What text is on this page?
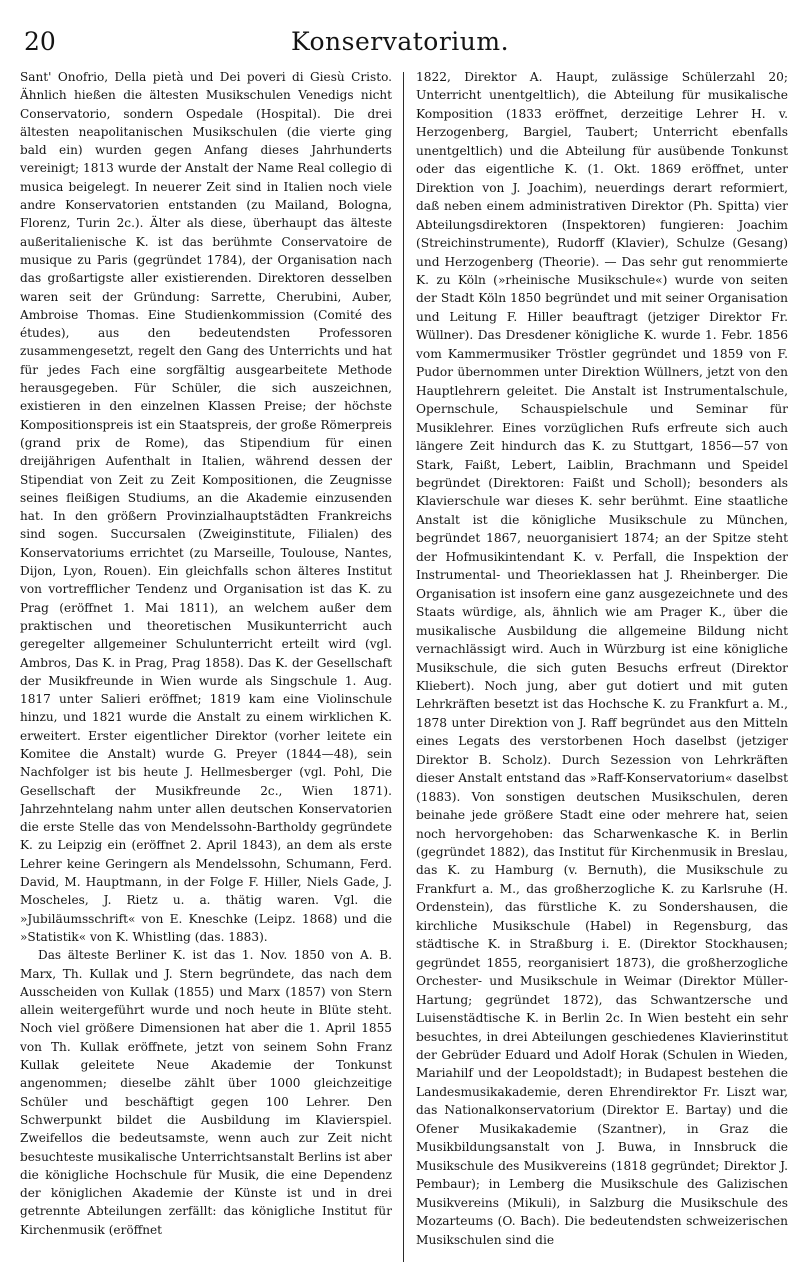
20	Konservatorium.

Sant' Onofrio, Della pietà und Dei poveri di Giesù Cristo. Ähnlich hießen die ältesten Musikschulen Venedigs nicht Conservatorio, sondern Ospedale (Hospital). Die drei ältesten neapolitanischen Musikschulen (die vierte ging bald ein) wurden gegen Anfang dieses Jahrhunderts vereinigt; 1813 wurde der Anstalt der Name Real collegio di musica beigelegt. In neuerer Zeit sind in Italien noch viele andre Konservatorien entstanden (zu Mailand, Bologna, Florenz, Turin 2c.). Älter als diese, überhaupt das älteste außeritalienische K. ist das berühmte Conservatoire de musique zu Paris (gegründet 1784), der Organisation nach das großartigste aller existierenden. Direktoren desselben waren seit der Gründung: Sarrette, Cherubini, Auber, Ambroise Thomas. Eine Studienkommission (Comité des études), aus den bedeutendsten Professoren zusammengesetzt, regelt den Gang des Unterrichts und hat für jedes Fach eine sorgfältig ausgearbeitete Methode herausgegeben. Für Schüler, die sich auszeichnen, existieren in den einzelnen Klassen Preise; der höchste Kompositionspreis ist ein Staatspreis, der große Römerpreis (grand prix de Rome), das Stipendium für einen dreijährigen Aufenthalt in Italien, während dessen der Stipendiat von Zeit zu Zeit Kompositionen, die Zeugnisse seines fleißigen Studiums, an die Akademie einzusenden hat. In den größern Provinzialhauptstädten Frankreichs sind sogen. Succursalen (Zweiginstitute, Filialen) des Konservatoriums errichtet (zu Marseille, Toulouse, Nantes, Dijon, Lyon, Rouen). Ein gleichfalls schon älteres Institut von vortrefflicher Tendenz und Organisation ist das K. zu Prag (eröffnet 1. Mai 1811), an welchem außer dem praktischen und theoretischen Musikunterricht auch geregelter allgemeiner Schulunterricht erteilt wird (vgl. Ambros, Das K. in Prag, Prag 1858). Das K. der Gesellschaft der Musikfreunde in Wien wurde als Singschule 1. Aug. 1817 unter Salieri eröffnet; 1819 kam eine Violinschule hinzu, und 1821 wurde die Anstalt zu einem wirklichen K. erweitert. Erster eigentlicher Direktor (vorher leitete ein Komitee die Anstalt) wurde G. Preyer (1844—48), sein Nachfolger ist bis heute J. Hellmesberger (vgl. Pohl, Die Gesellschaft der Musikfreunde 2c., Wien 1871). Jahrzehntelang nahm unter allen deutschen Konservatorien die erste Stelle das von Mendelssohn-Bartholdy gegründete K. zu Leipzig ein (eröffnet 2. April 1843), an dem als erste Lehrer keine Geringern als Mendelssohn, Schumann, Ferd. David, M. Hauptmann, in der Folge F. Hiller, Niels Gade, J. Moscheles, J. Rietz u. a. thätig waren. Vgl. die »Jubiläumsschrift« von E. Kneschke (Leipz. 1868) und die »Statistik« von K. Whistling (das. 1883).

Das älteste Berliner K. ist das 1. Nov. 1850 von A. B. Marx, Th. Kullak und J. Stern begründete, das nach dem Ausscheiden von Kullak (1855) und Marx (1857) von Stern allein weitergeführt wurde und noch heute in Blüte steht. Noch viel größere Dimensionen hat aber die 1. April 1855 von Th. Kullak eröffnete, jetzt von seinem Sohn Franz Kullak geleitete Neue Akademie der Tonkunst angenommen; dieselbe zählt über 1000 gleichzeitige Schüler und beschäftigt gegen 100 Lehrer. Den Schwerpunkt bildet die Ausbildung im Klavierspiel. Zweifellos die bedeutsamste, wenn auch zur Zeit nicht besuchteste musikalische Unterrichtsanstalt Berlins ist aber die königliche Hochschule für Musik, die eine Dependenz der königlichen Akademie der Künste ist und in drei getrennte Abteilungen zerfällt: das königliche Institut für Kirchenmusik (eröffnet

1822, Direktor A. Haupt, zulässige Schülerzahl 20; Unterricht unentgeltlich), die Abteilung für musikalische Komposition (1833 eröffnet, derzeitige Lehrer H. v. Herzogenberg, Bargiel, Taubert; Unterricht ebenfalls unentgeltlich) und die Abteilung für ausübende Tonkunst oder das eigentliche K. (1. Okt. 1869 eröffnet, unter Direktion von J. Joachim), neuerdings derart reformiert, daß neben einem administrativen Direktor (Ph. Spitta) vier Abteilungsdirektoren (Inspektoren) fungieren: Joachim (Streichinstrumente), Rudorff (Klavier), Schulze (Gesang) und Herzogenberg (Theorie). — Das sehr gut renommierte K. zu Köln (»rheinische Musikschule«) wurde von seiten der Stadt Köln 1850 begründet und mit seiner Organisation und Leitung F. Hiller beauftragt (jetziger Direktor Fr. Wüllner). Das Dresdener königliche K. wurde 1. Febr. 1856 vom Kammermusiker Tröstler gegründet und 1859 von F. Pudor übernommen unter Direktion Wüllners, jetzt von den Hauptlehrern geleitet. Die Anstalt ist Instrumentalschule, Opernschule, Schauspielschule und Seminar für Musiklehrer. Eines vorzüglichen Rufs erfreute sich auch längere Zeit hindurch das K. zu Stuttgart, 1856—57 von Stark, Faißt, Lebert, Laiblin, Brachmann und Speidel begründet (Direktoren: Faißt und Scholl); besonders als Klavierschule war dieses K. sehr berühmt. Eine staatliche Anstalt ist die königliche Musikschule zu München, begründet 1867, neuorganisiert 1874; an der Spitze steht der Hofmusikintendant K. v. Perfall, die Inspektion der Instrumental- und Theorieklassen hat J. Rheinberger. Die Organisation ist insofern eine ganz ausgezeichnete und des Staats würdige, als, ähnlich wie am Prager K., über die musikalische Ausbildung die allgemeine Bildung nicht vernachlässigt wird. Auch in Würzburg ist eine königliche Musikschule, die sich guten Besuchs erfreut (Direktor Kliebert). Noch jung, aber gut dotiert und mit guten Lehrkräften besetzt ist das Hochsche K. zu Frankfurt a. M., 1878 unter Direktion von J. Raff begründet aus den Mitteln eines Legats des verstorbenen Hoch daselbst (jetziger Direktor B. Scholz). Durch Sezession von Lehrkräften dieser Anstalt entstand das »Raff-Konservatorium« daselbst (1883). Von sonstigen deutschen Musikschulen, deren beinahe jede größere Stadt eine oder mehrere hat, seien noch hervorgehoben: das Scharwenkasche K. in Berlin (gegründet 1882), das Institut für Kirchenmusik in Breslau, das K. zu Hamburg (v. Bernuth), die Musikschule zu Frankfurt a. M., das großherzogliche K. zu Karlsruhe (H. Ordenstein), das fürstliche K. zu Sondershausen, die kirchliche Musikschule (Habel) in Regensburg, das städtische K. in Straßburg i. E. (Direktor Stockhausen; gegründet 1855, reorganisiert 1873), die großherzogliche Orchester- und Musikschule in Weimar (Direktor Müller-Hartung; gegründet 1872), das Schwantzersche und Luisenstädtische K. in Berlin 2c. In Wien besteht ein sehr besuchtes, in drei Abteilungen geschiedenes Klavierinstitut der Gebrüder Eduard und Adolf Horak (Schulen in Wieden, Mariahilf und der Leopoldstadt); in Budapest bestehen die Landesmusikakademie, deren Ehrendirektor Fr. Liszt war, das Nationalkonservatorium (Direktor E. Bartay) und die Ofener Musikakademie (Szantner), in Graz die Musikbildungsanstalt von J. Buwa, in Innsbruck die Musikschule des Musikvereins (1818 gegründet; Direktor J. Pembaur); in Lemberg die Musikschule des Galizischen Musikvereins (Mikuli), in Salzburg die Musikschule des Mozarteums (O. Bach). Die bedeutendsten schweizerischen Musikschulen sind die
